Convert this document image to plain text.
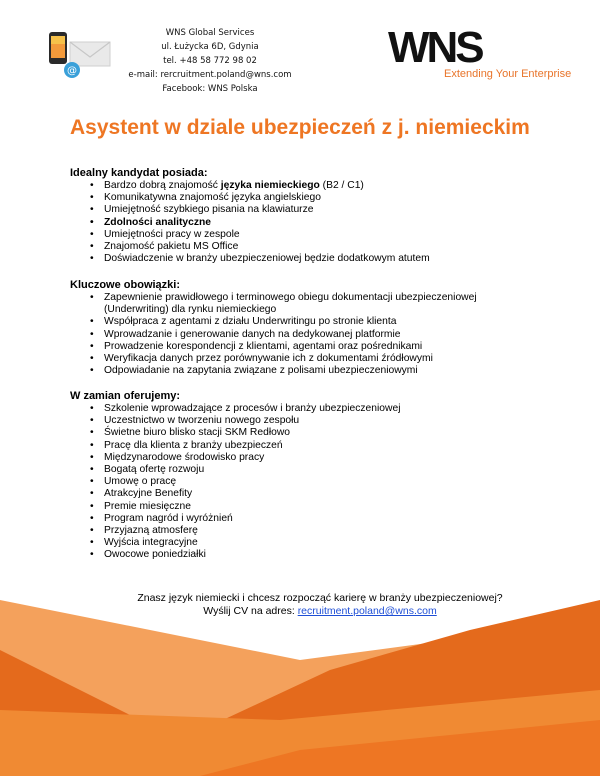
@
WNS Global Services
ul. Łużycka 6D, Gdynia
tel. +48 58 772 98 02
e-mail: rercruitment.poland@wns.com
Facebook: WNS Polska
WNS
Extending Your Enterprise
Asystent w dziale ubezpieczeń z j. niemieckim
Idealny kandydat posiada:
• Bardzo dobrą znajomość języka niemieckiego (B2 / C1)
• Komunikatywna znajomość języka angielskiego
• Umiejętność szybkiego pisania na klawiaturze
• Zdolności analityczne
• Umiejętności pracy w zespole
• Znajomość pakietu MS Office
• Doświadczenie w branży ubezpieczeniowej będzie dodatkowym atutem
Kluczowe obowiązki:
• Zapewnienie prawidłowego i terminowego obiegu dokumentacji ubezpieczeniowej (Underwriting) dla rynku niemieckiego
• Współpraca z agentami z działu Underwritingu po stronie klienta
• Wprowadzanie i generowanie danych na dedykowanej platformie
• Prowadzenie korespondencji z klientami, agentami oraz pośrednikami
• Weryfikacja danych przez porównywanie ich z dokumentami źródłowymi
• Odpowiadanie na zapytania związane z polisami ubezpieczeniowymi
W zamian oferujemy:
• Szkolenie wprowadzające z procesów i branży ubezpieczeniowej
• Uczestnictwo w tworzeniu nowego zespołu
• Świetne biuro blisko stacji SKM Redłowo
• Pracę dla klienta z branży ubezpieczeń
• Międzynarodowe środowisko pracy
• Bogatą ofertę rozwoju
• Umowę o pracę
• Atrakcyjne Benefity
• Premie miesięczne
• Program nagród i wyróżnień
• Przyjazną atmosferę
• Wyjścia integracyjne
• Owocowe poniedziałki
Znasz język niemiecki i chcesz rozpocząć karierę w branży ubezpieczeniowej?
Wyślij CV na adres: recruitment.poland@wns.com
